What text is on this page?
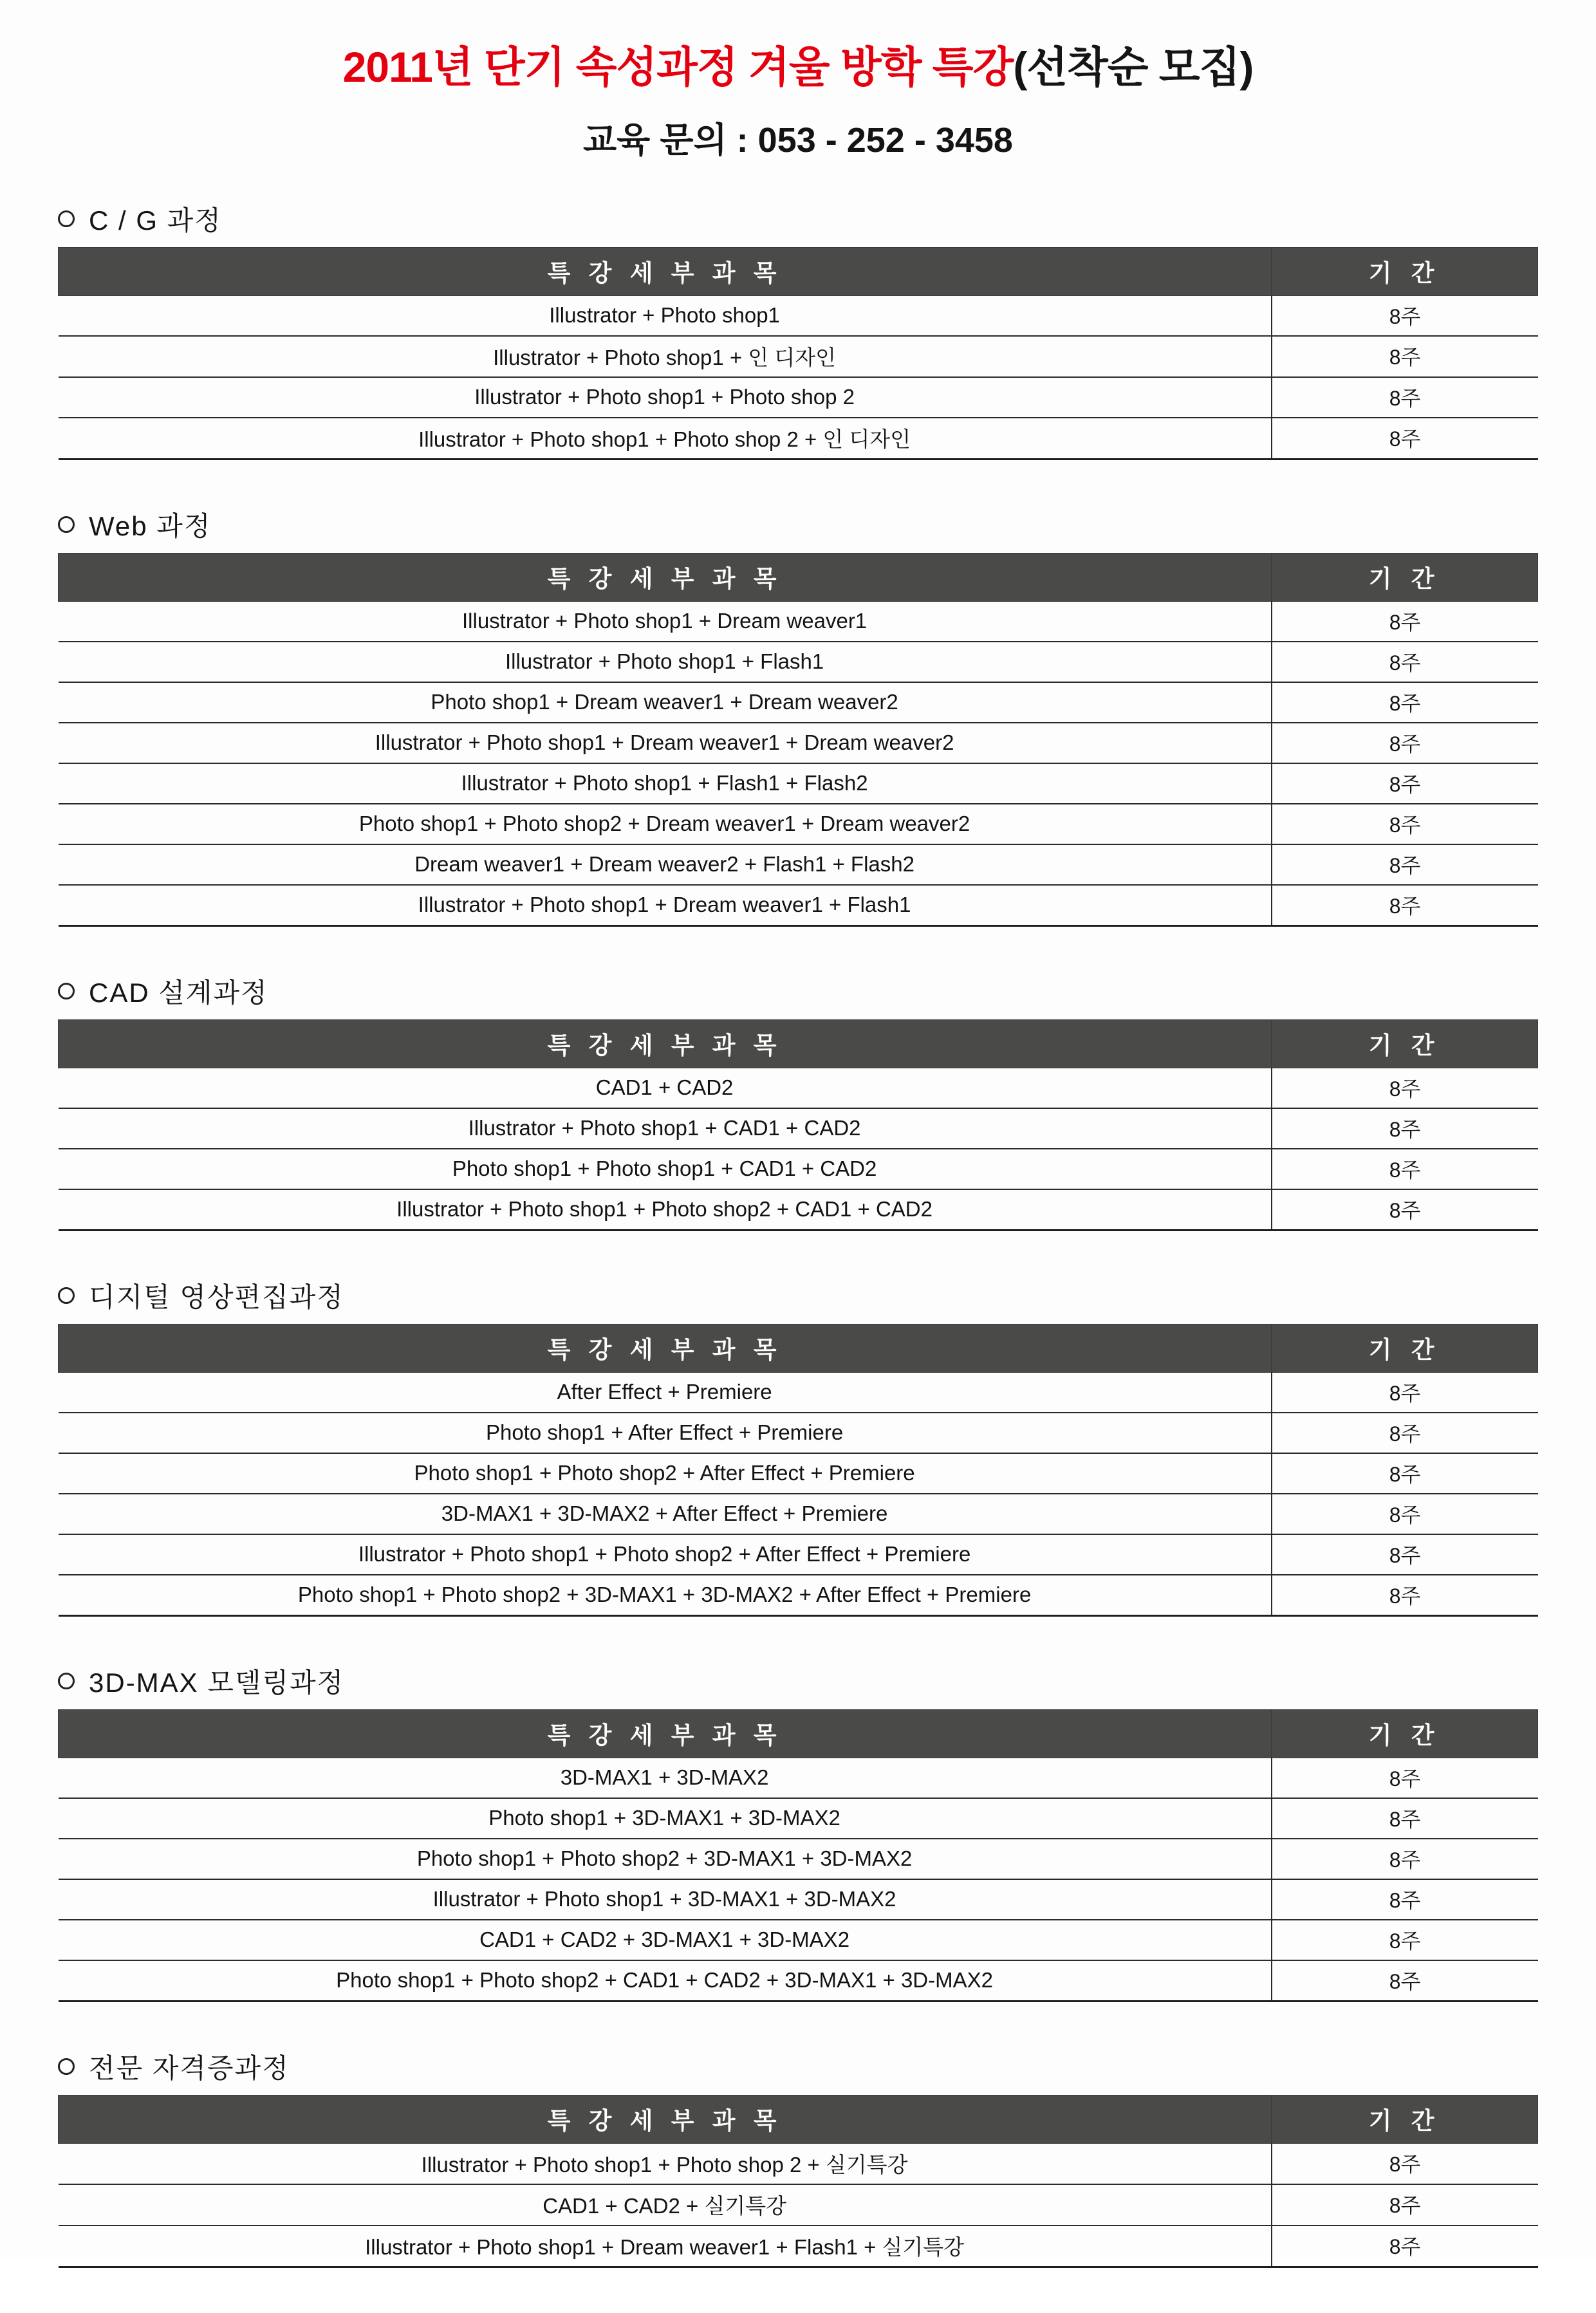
2011년 단기 속성과정 겨울 방학 특강(선착순 모집)
교육 문의 : 053 - 252 - 3458
C / G 과정
특 강 세 부 과 목	기 간
Illustrator + Photo shop1	8주
Illustrator + Photo shop1 + 인 디자인	8주
Illustrator + Photo shop1 + Photo shop 2	8주
Illustrator + Photo shop1 + Photo shop 2 + 인 디자인	8주
Web 과정
특 강 세 부 과 목	기 간
Illustrator + Photo shop1 + Dream weaver1	8주
Illustrator + Photo shop1 + Flash1	8주
Photo shop1 + Dream weaver1 + Dream weaver2	8주
Illustrator + Photo shop1 + Dream weaver1 + Dream weaver2	8주
Illustrator + Photo shop1 + Flash1 + Flash2	8주
Photo shop1 + Photo shop2 + Dream weaver1 + Dream weaver2	8주
Dream weaver1 + Dream weaver2 + Flash1 + Flash2	8주
Illustrator + Photo shop1 + Dream weaver1 + Flash1	8주
CAD 설계과정
특 강 세 부 과 목	기 간
CAD1 + CAD2	8주
Illustrator + Photo shop1 + CAD1 + CAD2	8주
Photo shop1 + Photo shop1 + CAD1 + CAD2	8주
Illustrator + Photo shop1 + Photo shop2 + CAD1 + CAD2	8주
디지털 영상편집과정
특 강 세 부 과 목	기 간
After Effect + Premiere	8주
Photo shop1 + After Effect + Premiere	8주
Photo shop1 + Photo shop2 + After Effect + Premiere	8주
3D-MAX1 + 3D-MAX2 + After Effect + Premiere	8주
Illustrator + Photo shop1 + Photo shop2 + After Effect + Premiere	8주
Photo shop1 + Photo shop2 + 3D-MAX1 + 3D-MAX2 + After Effect + Premiere	8주
3D-MAX 모델링과정
특 강 세 부 과 목	기 간
3D-MAX1 + 3D-MAX2	8주
Photo shop1 + 3D-MAX1 + 3D-MAX2	8주
Photo shop1 + Photo shop2 + 3D-MAX1 + 3D-MAX2	8주
Illustrator + Photo shop1 + 3D-MAX1 + 3D-MAX2	8주
CAD1 + CAD2 + 3D-MAX1 + 3D-MAX2	8주
Photo shop1 + Photo shop2 + CAD1 + CAD2 + 3D-MAX1 + 3D-MAX2	8주
전문 자격증과정
특 강 세 부 과 목	기 간
Illustrator + Photo shop1 + Photo shop 2 + 실기특강	8주
CAD1 + CAD2 + 실기특강	8주
Illustrator + Photo shop1 + Dream weaver1 + Flash1 + 실기특강	8주
